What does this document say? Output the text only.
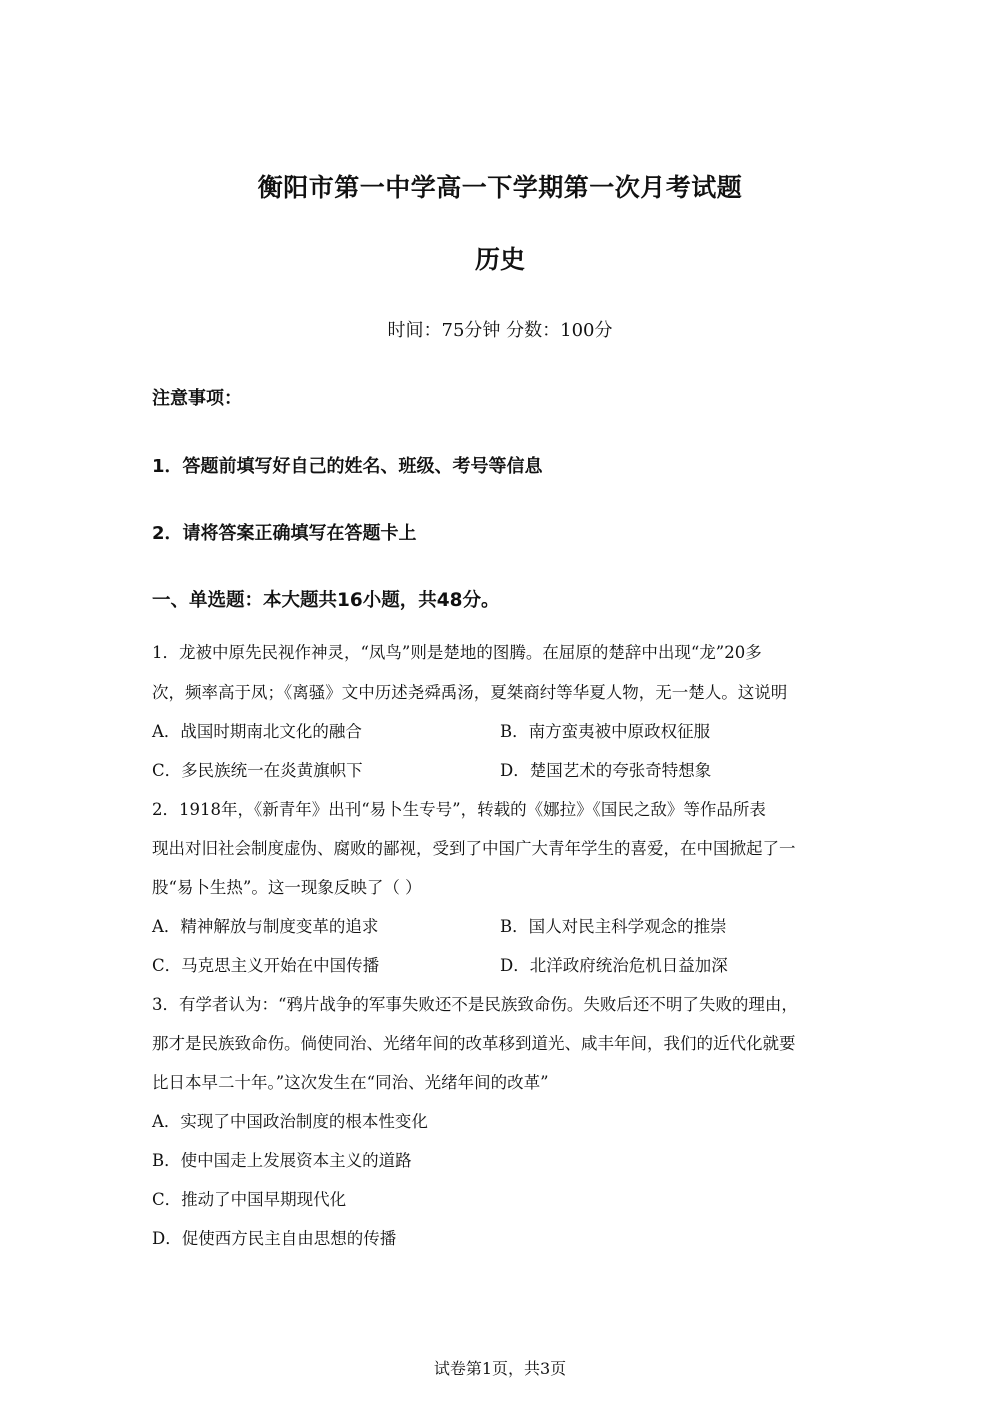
衡阳市第一中学高一下学期第一次月考试题
历史
时间：75分钟 分数：100分
注意事项：
1．答题前填写好自己的姓名、班级、考号等信息
2．请将答案正确填写在答题卡上
一、单选题：本大题共16小题，共48分。
1．龙被中原先民视作神灵，“凤鸟”则是楚地的图腾。在屈原的楚辞中出现“龙”20多
次，频率高于凤；《离骚》文中历述尧舜禹汤，夏桀商纣等华夏人物，无一楚人。这说明
A．战国时期南北文化的融合	B．南方蛮夷被中原政权征服
C．多民族统一在炎黄旗帜下	D．楚国艺术的夸张奇特想象
2．1918年，《新青年》出刊“易卜生专号”，转载的《娜拉》《国民之敌》等作品所表
现出对旧社会制度虚伪、腐败的鄙视，受到了中国广大青年学生的喜爱，在中国掀起了一
股“易卜生热”。这一现象反映了（ ）
A．精神解放与制度变革的追求	B．国人对民主科学观念的推崇
C．马克思主义开始在中国传播	D．北洋政府统治危机日益加深
3．有学者认为：“鸦片战争的军事失败还不是民族致命伤。失败后还不明了失败的理由，
那才是民族致命伤。倘使同治、光绪年间的改革移到道光、咸丰年间，我们的近代化就要
比日本早二十年。”这次发生在“同治、光绪年间的改革”
A．实现了中国政治制度的根本性变化
B．使中国走上发展资本主义的道路
C．推动了中国早期现代化
D．促使西方民主自由思想的传播
试卷第1页，共3页
